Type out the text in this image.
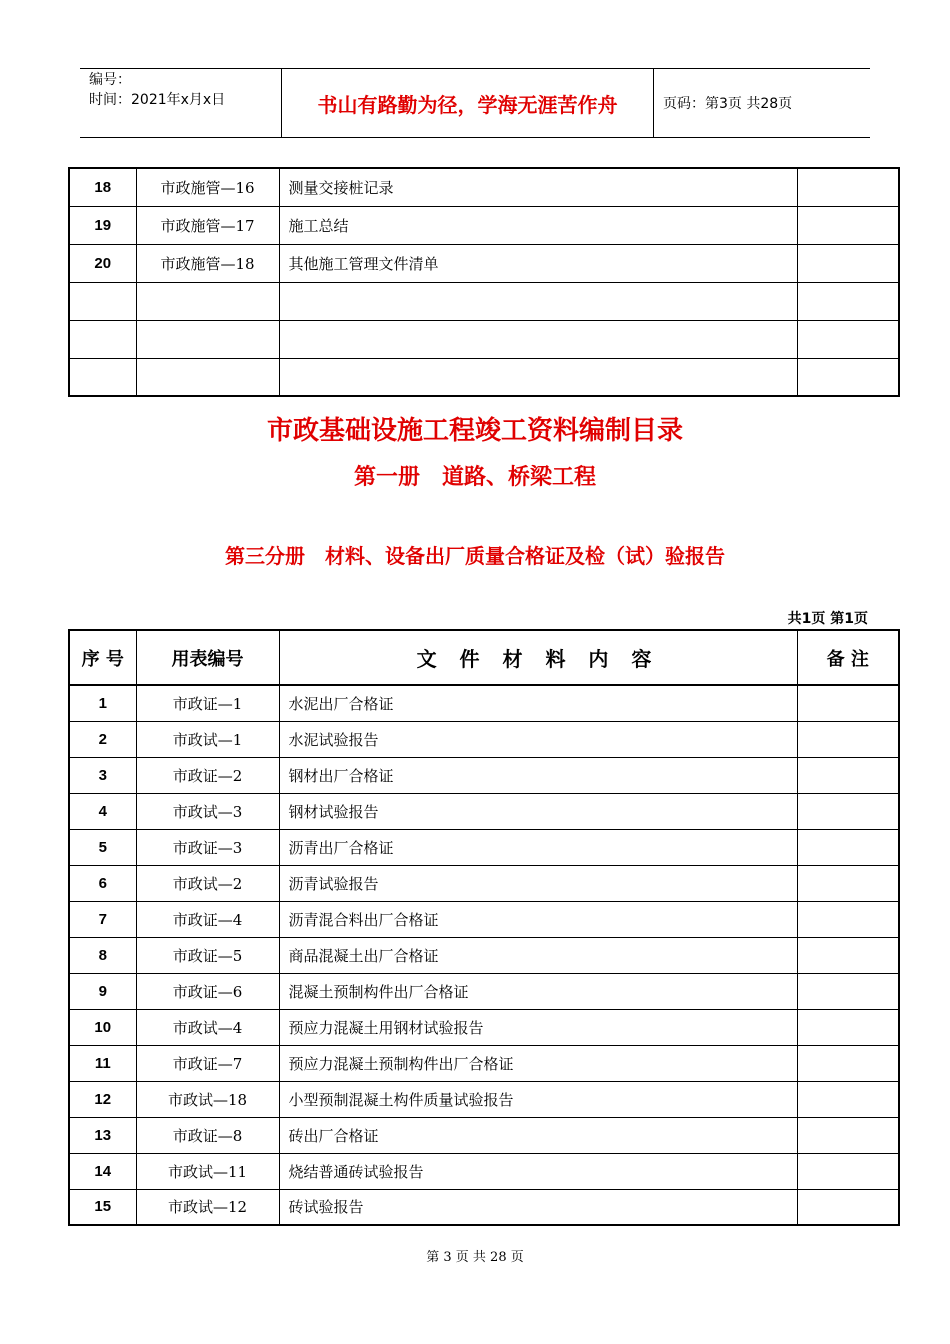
编号：
时间：2021年x月x日	书山有路勤为径，学海无涯苦作舟	页码：第3页 共28页
18	市政施管—16	测量交接桩记录	
19	市政施管—17	施工总结	
20	市政施管—18	其他施工管理文件清单	

市政基础设施工程竣工资料编制目录
第一册　道路、桥梁工程
第三分册　材料、设备出厂质量合格证及检（试）验报告
共1页 第1页
序 号	用表编号	文 件 材 料 内 容	备 注
1	市政证—1	水泥出厂合格证	
2	市政试—1	水泥试验报告	
3	市政证—2	钢材出厂合格证	
4	市政试—3	钢材试验报告	
5	市政证—3	沥青出厂合格证	
6	市政试—2	沥青试验报告	
7	市政证—4	沥青混合料出厂合格证	
8	市政证—5	商品混凝土出厂合格证	
9	市政证—6	混凝土预制构件出厂合格证	
10	市政试—4	预应力混凝土用钢材试验报告	
11	市政证—7	预应力混凝土预制构件出厂合格证	
12	市政试—18	小型预制混凝土构件质量试验报告	
13	市政证—8	砖出厂合格证	
14	市政试—11	烧结普通砖试验报告	
15	市政试—12	砖试验报告	
第 3 页 共 28 页
